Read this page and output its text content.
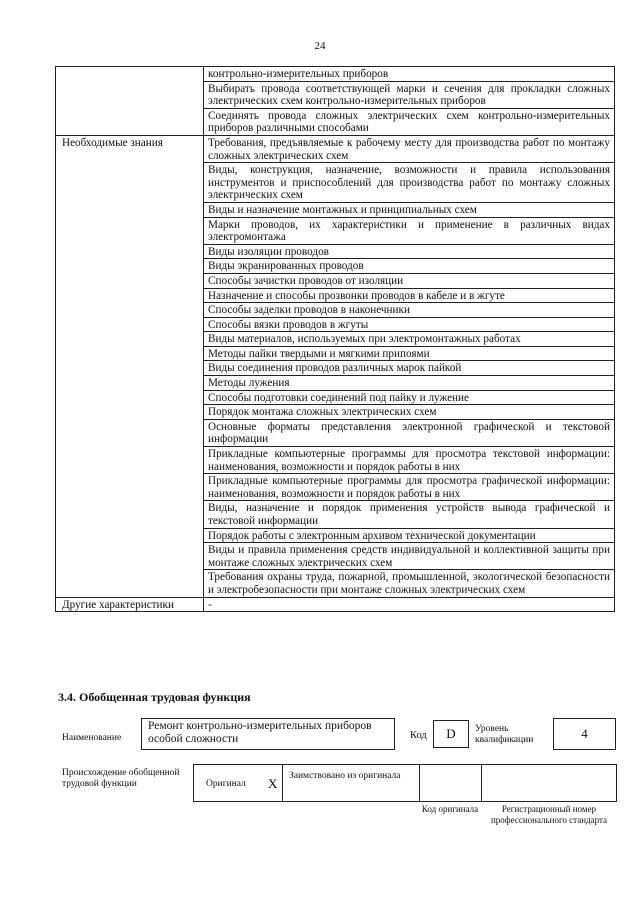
24
	контрольно-измерительных приборов
	Выбирать провода соответствующей марки и сечения для прокладки сложных электрических схем контрольно-измерительных приборов
	Соединять провода сложных электрических схем контрольно-измерительных приборов различными способами
Необходимые знания	Требования, предъявляемые к рабочему месту для производства работ по монтажу сложных электрических схем
	Виды, конструкция, назначение, возможности и правила использования инструментов и приспособлений для производства работ по монтажу сложных электрических схем
	Виды и назначение монтажных и принципиальных схем
	Марки проводов, их характеристики и применение в различных видах электромонтажа
	Виды изоляции проводов
	Виды экранированных проводов
	Способы зачистки проводов от изоляции
	Назначение и способы прозвонки проводов в кабеле и в жгуте
	Способы заделки проводов в наконечники
	Способы вязки проводов в жгуты
	Виды материалов, используемых при электромонтажных работах
	Методы пайки твердыми и мягкими припоями
	Виды соединения проводов различных марок пайкой
	Методы лужения
	Способы подготовки соединений под пайку и лужение
	Порядок монтажа сложных электрических схем
	Основные форматы представления электронной графической и текстовой информации
	Прикладные компьютерные программы для просмотра текстовой информации: наименования, возможности и порядок работы в них
	Прикладные компьютерные программы для просмотра графической информации: наименования, возможности и порядок работы в них
	Виды, назначение и порядок применения устройств вывода графической и текстовой информации
	Порядок работы с электронным архивом технической документации
	Виды и правила применения средств индивидуальной и коллективной защиты при монтаже сложных электрических схем
	Требования охраны труда, пожарной, промышленной, экологической безопасности и электробезопасности при монтаже сложных электрических схем
Другие характеристики	-
3.4. Обобщенная трудовая функция
Наименование
Ремонт контрольно-измерительных приборов особой сложности	Код	D	Уровень квалификации	4
Происхождение обобщенной трудовой функции	Оригинал X Заимствовано из оригинала
Код оригинала	Регистрационный номер профессионального стандарта
